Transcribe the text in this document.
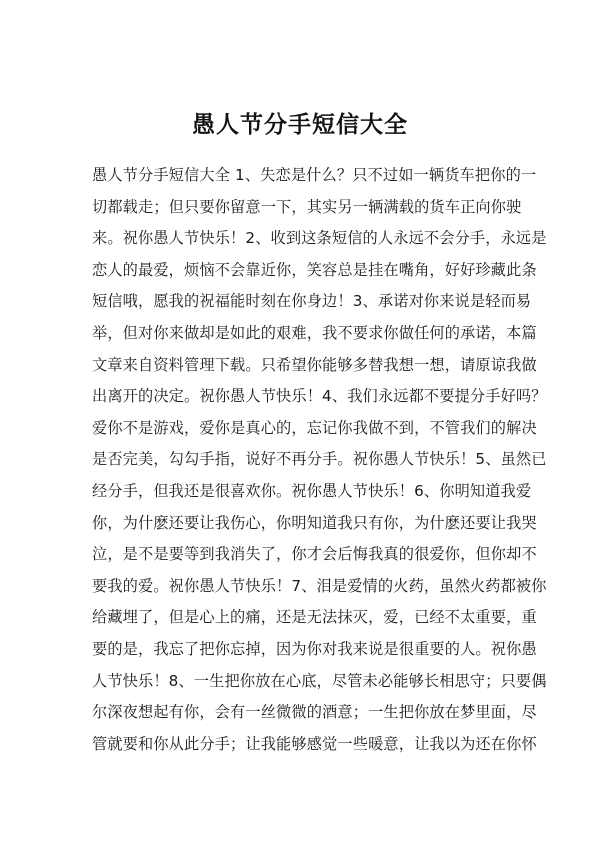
愚人节分手短信大全
愚人节分手短信大全 1、失恋是什么？只不过如一辆货车把你的一
切都载走；但只要你留意一下，其实另一辆满载的货车正向你驶
来。祝你愚人节快乐！2、收到这条短信的人永远不会分手，永远是
恋人的最爱，烦恼不会靠近你，笑容总是挂在嘴角，好好珍藏此条
短信哦，愿我的祝福能时刻在你身边！3、承诺对你来说是轻而易
举，但对你来做却是如此的艰难，我不要求你做任何的承诺，本篇
文章来自资料管理下载。只希望你能够多替我想一想，请原谅我做
出离开的决定。祝你愚人节快乐！4、我们永远都不要提分手好吗？
爱你不是游戏，爱你是真心的，忘记你我做不到，不管我们的解决
是否完美，勾勾手指，说好不再分手。祝你愚人节快乐！5、虽然已
经分手，但我还是很喜欢你。祝你愚人节快乐！6、你明知道我爱
你，为什麽还要让我伤心，你明知道我只有你，为什麽还要让我哭
泣，是不是要等到我消失了，你才会后悔我真的很爱你，但你却不
要我的爱。祝你愚人节快乐！7、泪是爱情的火药，虽然火药都被你
给藏埋了，但是心上的痛，还是无法抹灭，爱，已经不太重要，重
要的是，我忘了把你忘掉，因为你对我来说是很重要的人。祝你愚
人节快乐！8、一生把你放在心底，尽管未必能够长相思守；只要偶
尔深夜想起有你，会有一丝微微的酒意；一生把你放在梦里面，尽
管就要和你从此分手；让我能够感觉一些暖意，让我以为还在你怀
